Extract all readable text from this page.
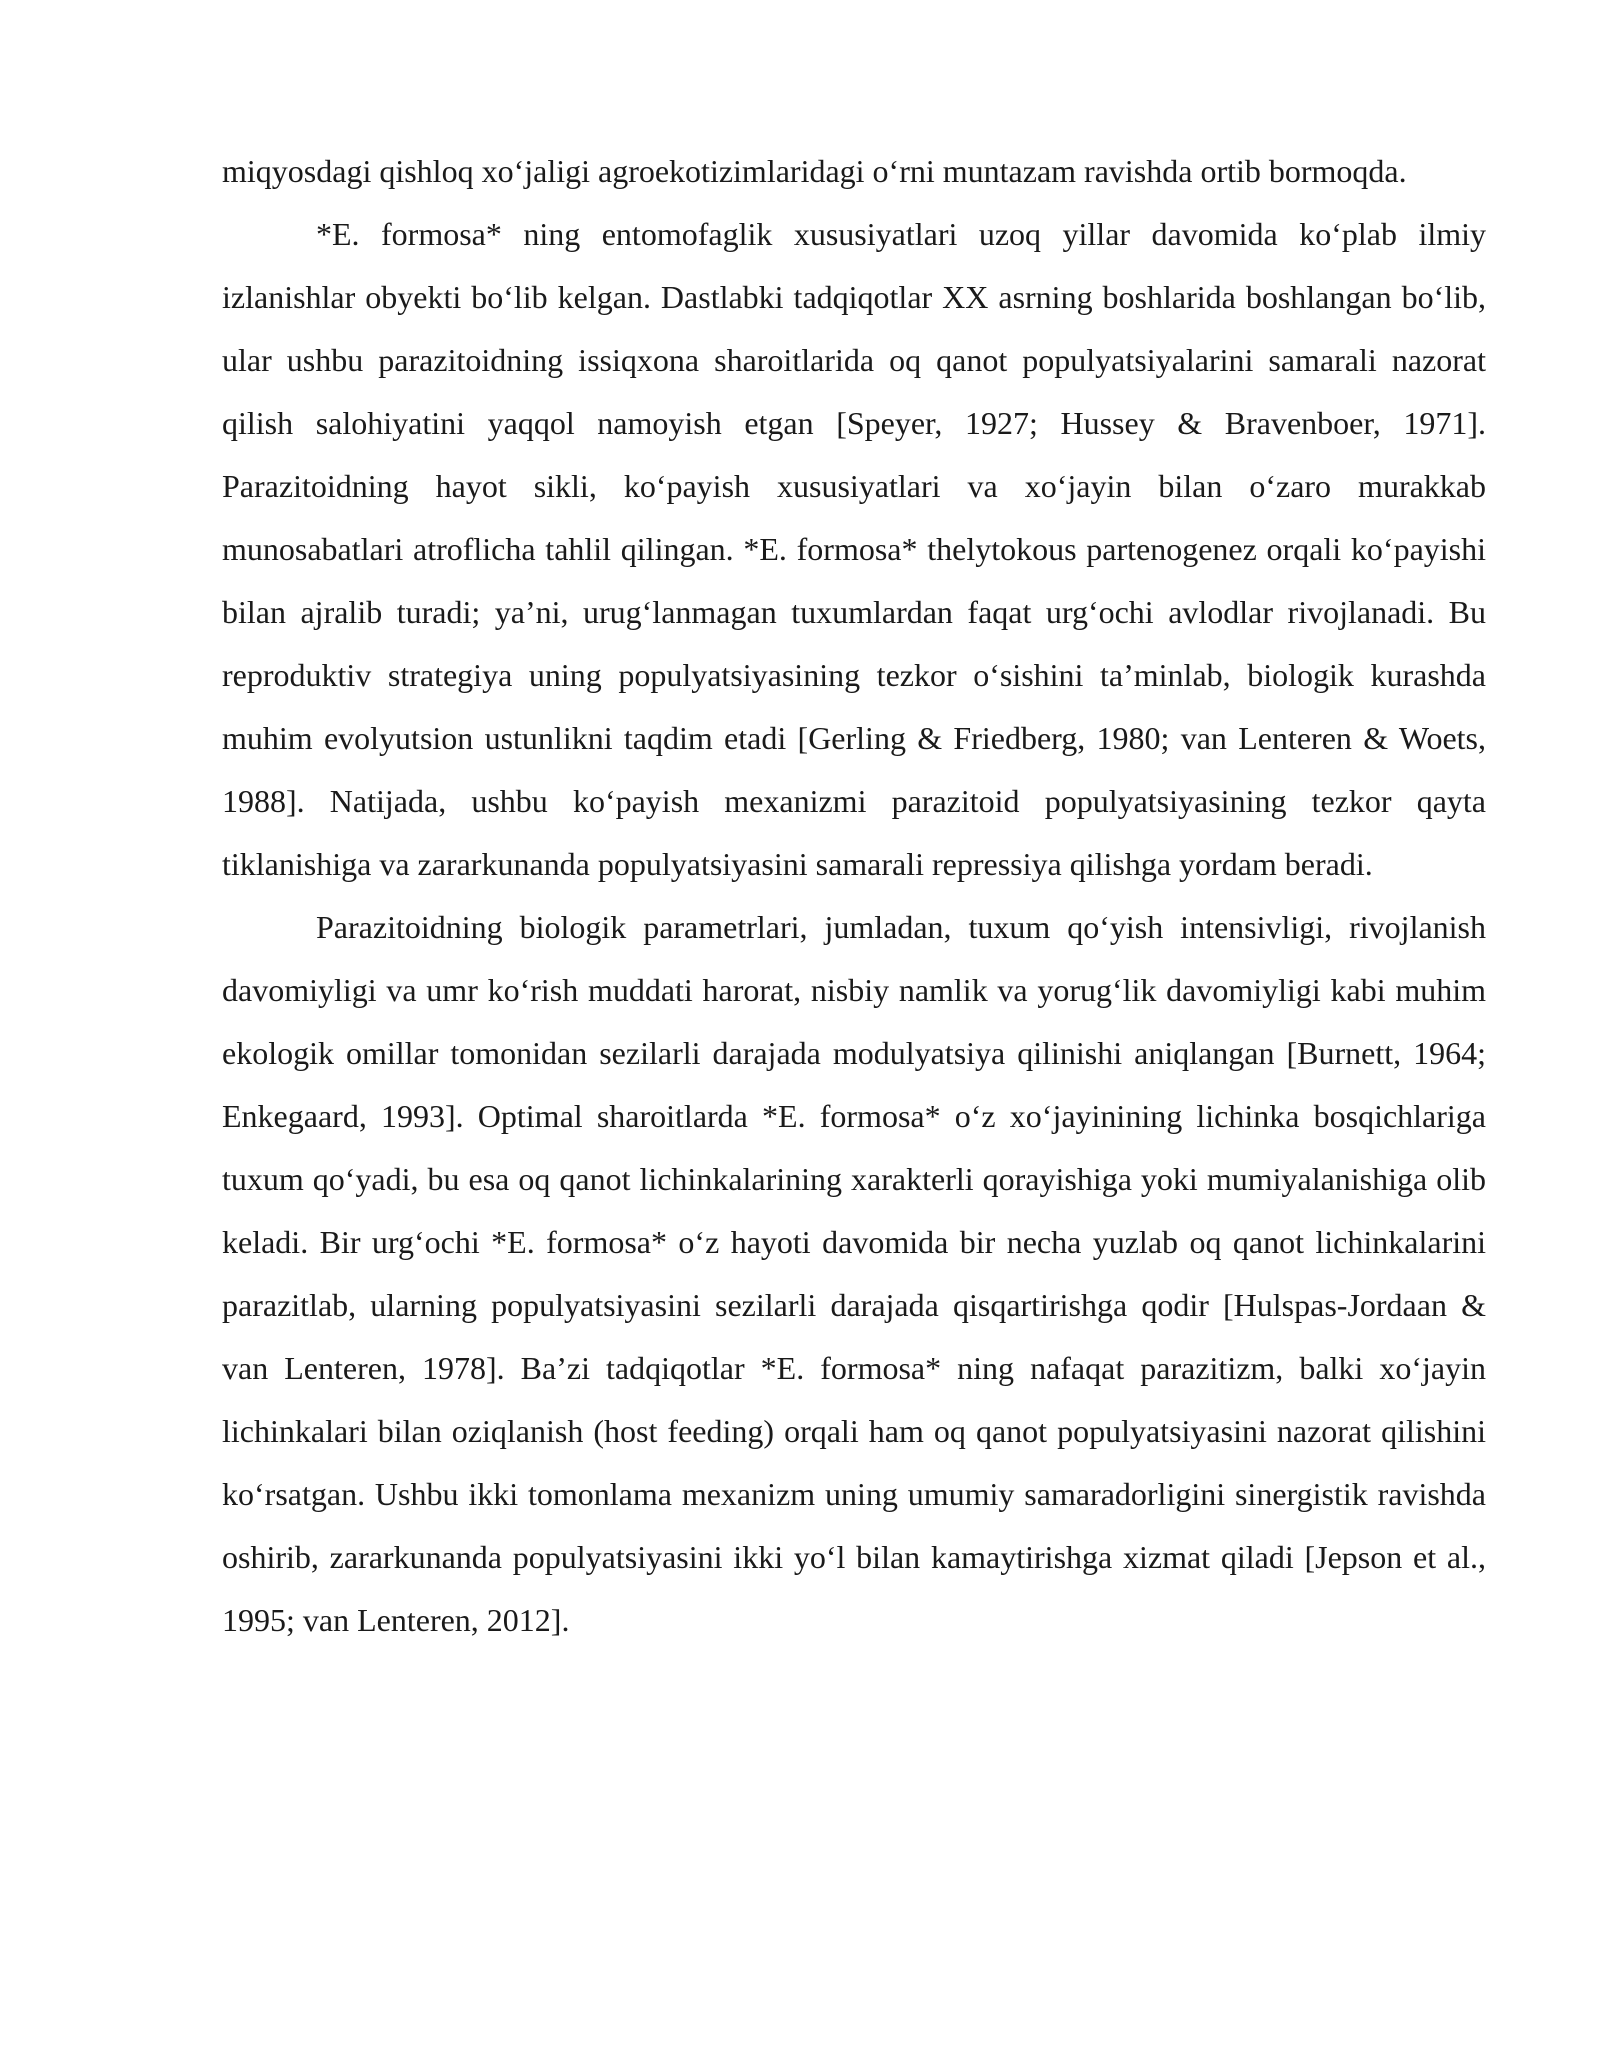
miqyosdagi qishloq xo‘jaligi agroekotizimlaridagi o‘rni muntazam ravishda ortib bormoqda.

*E. formosa* ning entomofaglik xususiyatlari uzoq yillar davomida ko‘plab ilmiy izlanishlar obyekti bo‘lib kelgan. Dastlabki tadqiqotlar XX asrning boshlarida boshlangan bo‘lib, ular ushbu parazitoidning issiqxona sharoitlarida oq qanot populyatsiyalarini samarali nazorat qilish salohiyatini yaqqol namoyish etgan [Speyer, 1927; Hussey & Bravenboer, 1971]. Parazitoidning hayot sikli, ko‘payish xususiyatlari va xo‘jayin bilan o‘zaro murakkab munosabatlari atroflicha tahlil qilingan. *E. formosa* thelytokous partenogenez orqali ko‘payishi bilan ajralib turadi; ya’ni, urug‘lanmagan tuxumlardan faqat urg‘ochi avlodlar rivojlanadi. Bu reproduktiv strategiya uning populyatsiyasining tezkor o‘sishini ta’minlab, biologik kurashda muhim evolyutsion ustunlikni taqdim etadi [Gerling & Friedberg, 1980; van Lenteren & Woets, 1988]. Natijada, ushbu ko‘payish mexanizmi parazitoid populyatsiyasining tezkor qayta tiklanishiga va zararkunanda populyatsiyasini samarali repressiya qilishga yordam beradi.

Parazitoidning biologik parametrlari, jumladan, tuxum qo‘yish intensivligi, rivojlanish davomiyligi va umr ko‘rish muddati harorat, nisbiy namlik va yorug‘lik davomiyligi kabi muhim ekologik omillar tomonidan sezilarli darajada modulyatsiya qilinishi aniqlangan [Burnett, 1964; Enkegaard, 1993]. Optimal sharoitlarda *E. formosa* o‘z xo‘jayinining lichinka bosqichlariga tuxum qo‘yadi, bu esa oq qanot lichinkalarining xarakterli qorayishiga yoki mumiyalanishiga olib keladi. Bir urg‘ochi *E. formosa* o‘z hayoti davomida bir necha yuzlab oq qanot lichinkalarini parazitlab, ularning populyatsiyasini sezilarli darajada qisqartirishga qodir [Hulspas-Jordaan & van Lenteren, 1978]. Ba’zi tadqiqotlar *E. formosa* ning nafaqat parazitizm, balki xo‘jayin lichinkalari bilan oziqlanish (host feeding) orqali ham oq qanot populyatsiyasini nazorat qilishini ko‘rsatgan. Ushbu ikki tomonlama mexanizm uning umumiy samaradorligini sinergistik ravishda oshirib, zararkunanda populyatsiyasini ikki yo‘l bilan kamaytirishga xizmat qiladi [Jepson et al., 1995; van Lenteren, 2012].
